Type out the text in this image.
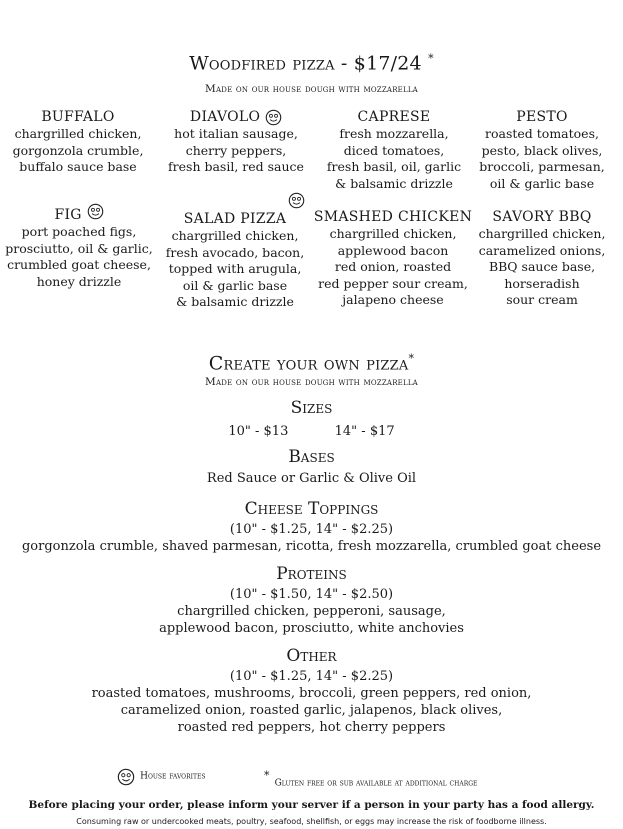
Woodfired pizza - $17/24 *
Made on our house dough with mozzarella
BUFFALO
chargrilled chicken,
gorgonzola crumble,
buffalo sauce base
DIAVOLO
hot italian sausage,
cherry peppers,
fresh basil, red sauce
CAPRESE
fresh mozzarella,
diced tomatoes,
fresh basil, oil, garlic
& balsamic drizzle
PESTO
roasted tomatoes,
pesto, black olives,
broccoli, parmesan,
oil & garlic base
FIG
port poached figs,
prosciutto, oil & garlic,
crumbled goat cheese,
honey drizzle
SALAD PIZZA
chargrilled chicken,
fresh avocado, bacon,
topped with arugula,
oil & garlic base
& balsamic drizzle
SMASHED CHICKEN
chargrilled chicken,
applewood bacon
red onion, roasted
red pepper sour cream,
jalapeno cheese
SAVORY BBQ
chargrilled chicken,
caramelized onions,
BBQ sauce base,
horseradish
sour cream
Create your own pizza*
Made on our house dough with mozzarella
Sizes
10" - $13	14" - $17
Bases
Red Sauce or Garlic & Olive Oil
Cheese Toppings
(10" - $1.25, 14" - $2.25)
gorgonzola crumble, shaved parmesan, ricotta, fresh mozzarella, crumbled goat cheese
Proteins
(10" - $1.50, 14" - $2.50)
chargrilled chicken, pepperoni, sausage,
applewood bacon, prosciutto, white anchovies
Other
(10" - $1.25, 14" - $2.25)
roasted tomatoes, mushrooms, broccoli, green peppers, red onion,
caramelized onion, roasted garlic, jalapenos, black olives,
roasted red peppers, hot cherry peppers
House favorites	* Gluten free or sub available at additional charge
Before placing your order, please inform your server if a person in your party has a food allergy.
Consuming raw or undercooked meats, poultry, seafood, shellfish, or eggs may increase the risk of foodborne illness.
